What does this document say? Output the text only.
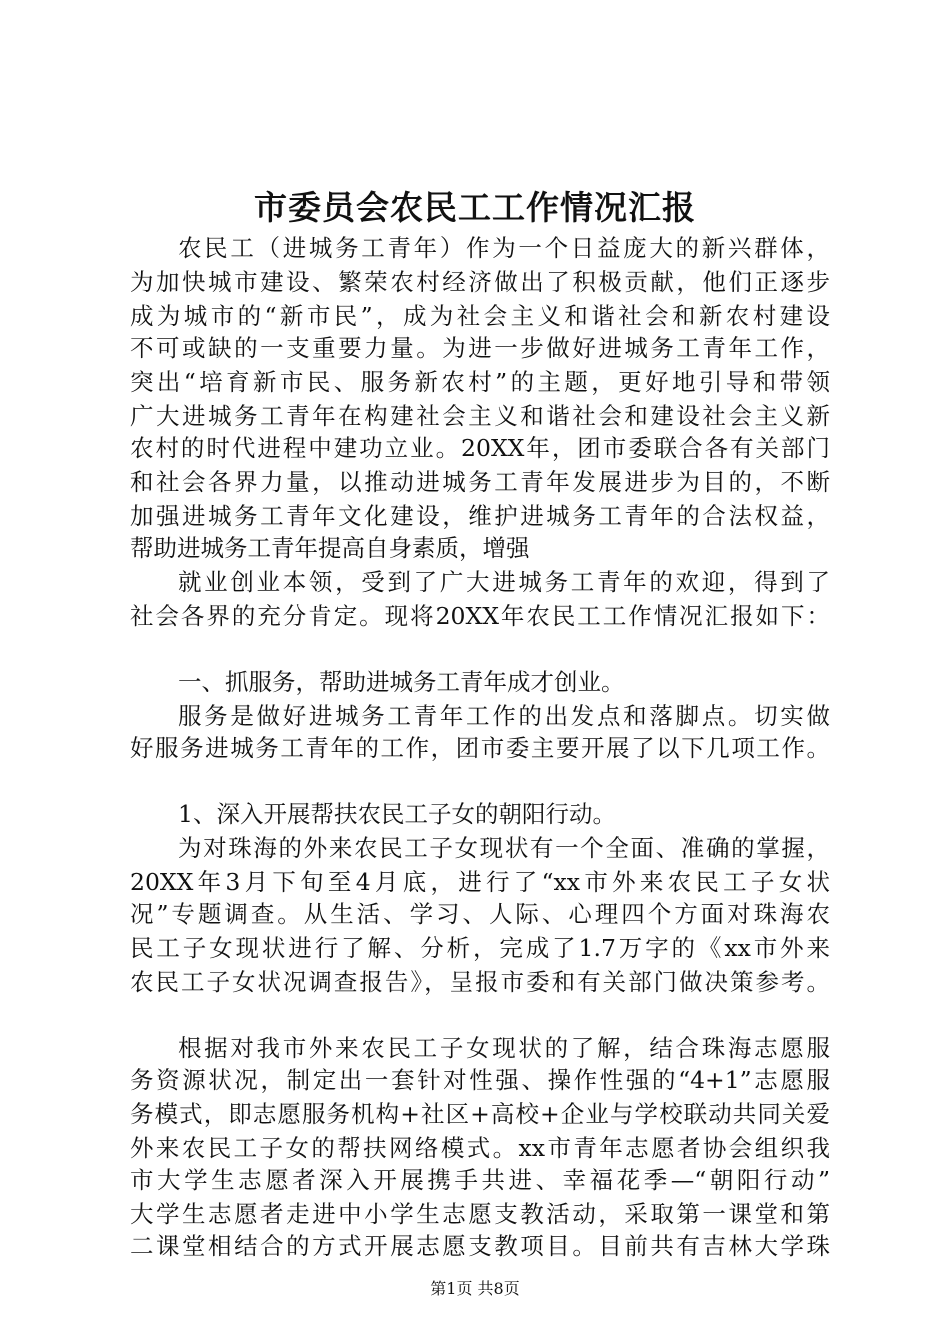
市委员会农民工工作情况汇报
农民工（进城务工青年）作为一个日益庞大的新兴群体，
为加快城市建设、繁荣农村经济做出了积极贡献，他们正逐步
成为城市的“新市民”，成为社会主义和谐社会和新农村建设
不可或缺的一支重要力量。为进一步做好进城务工青年工作，
突出“培育新市民、服务新农村”的主题，更好地引导和带领
广大进城务工青年在构建社会主义和谐社会和建设社会主义新
农村的时代进程中建功立业。20XX年，团市委联合各有关部门
和社会各界力量，以推动进城务工青年发展进步为目的，不断
加强进城务工青年文化建设，维护进城务工青年的合法权益，
帮助进城务工青年提高自身素质，增强
就业创业本领，受到了广大进城务工青年的欢迎，得到了
社会各界的充分肯定。现将20XX年农民工工作情况汇报如下：
一、抓服务，帮助进城务工青年成才创业。
服务是做好进城务工青年工作的出发点和落脚点。切实做
好服务进城务工青年的工作，团市委主要开展了以下几项工作。
1、深入开展帮扶农民工子女的朝阳行动。
为对珠海的外来农民工子女现状有一个全面、准确的掌握，
20XX年3月下旬至4月底，进行了“xx市外来农民工子女状
况”专题调查。从生活、学习、人际、心理四个方面对珠海农
民工子女现状进行了解、分析，完成了1.7万字的《xx市外来
农民工子女状况调查报告》，呈报市委和有关部门做决策参考。
根据对我市外来农民工子女现状的了解，结合珠海志愿服
务资源状况，制定出一套针对性强、操作性强的“4+1”志愿服
务模式，即志愿服务机构+社区+高校+企业与学校联动共同关爱
外来农民工子女的帮扶网络模式。xx市青年志愿者协会组织我
市大学生志愿者深入开展携手共进、幸福花季—“朝阳行动”
大学生志愿者走进中小学生志愿支教活动，采取第一课堂和第
二课堂相结合的方式开展志愿支教项目。目前共有吉林大学珠
第1页 共8页
